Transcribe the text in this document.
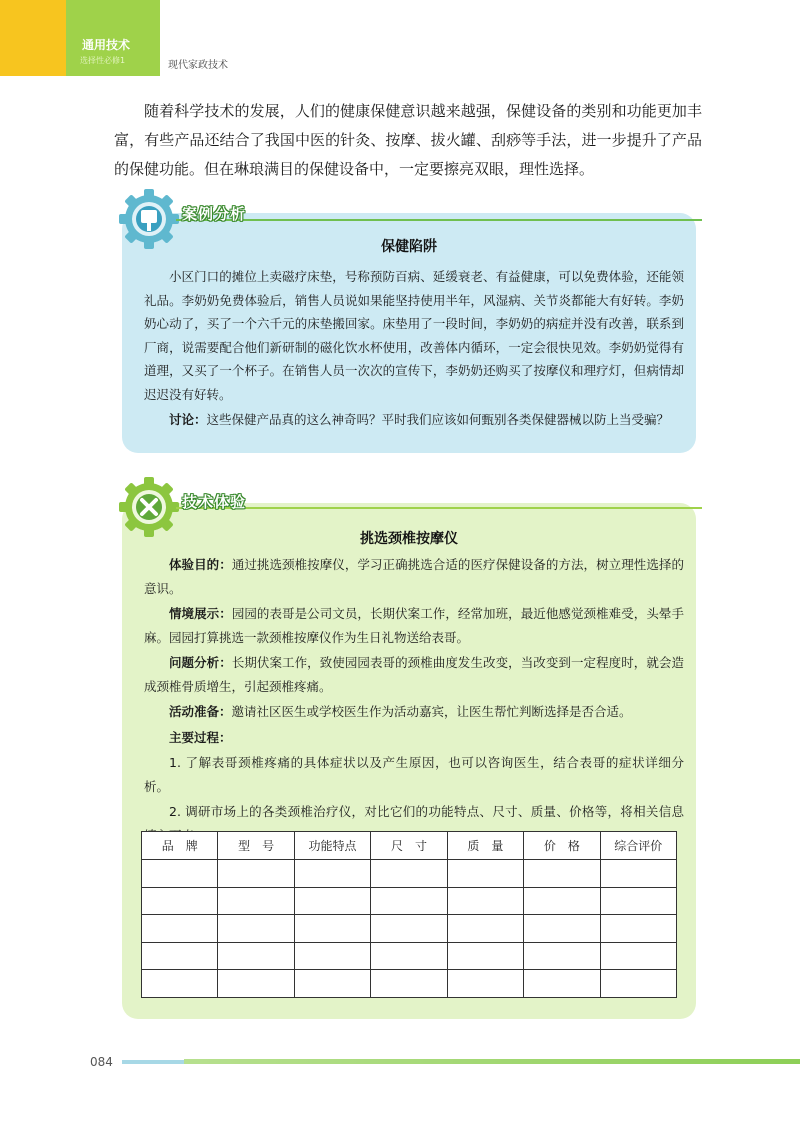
通用技术
选择性必修1	现代家政技术
随着科学技术的发展，人们的健康保健意识越来越强，保健设备的类别和功能更加丰富，有些产品还结合了我国中医的针灸、按摩、拔火罐、刮痧等手法，进一步提升了产品的保健功能。但在琳琅满目的保健设备中，一定要擦亮双眼，理性选择。
保健陷阱

小区门口的摊位上卖磁疗床垫，号称预防百病、延缓衰老、有益健康，可以免费体验，还能领礼品。李奶奶免费体验后，销售人员说如果能坚持使用半年，风湿病、关节炎都能大有好转。李奶奶心动了，买了一个六千元的床垫搬回家。床垫用了一段时间，李奶奶的病症并没有改善，联系到厂商，说需要配合他们新研制的磁化饮水杯使用，改善体内循环，一定会很快见效。李奶奶觉得有道理，又买了一个杯子。在销售人员一次次的宣传下，李奶奶还购买了按摩仪和理疗灯，但病情却迟迟没有好转。

讨论：这些保健产品真的这么神奇吗？平时我们应该如何甄别各类保健器械以防上当受骗？

案例分析
挑选颈椎按摩仪

体验目的：通过挑选颈椎按摩仪，学习正确挑选合适的医疗保健设备的方法，树立理性选择的意识。

情境展示：园园的表哥是公司文员，长期伏案工作，经常加班，最近他感觉颈椎难受，头晕手麻。园园打算挑选一款颈椎按摩仪作为生日礼物送给表哥。

问题分析：长期伏案工作，致使园园表哥的颈椎曲度发生改变，当改变到一定程度时，就会造成颈椎骨质增生，引起颈椎疼痛。

活动准备：邀请社区医生或学校医生作为活动嘉宾，让医生帮忙判断选择是否合适。

主要过程：

1. 了解表哥颈椎疼痛的具体症状以及产生原因，也可以咨询医生，结合表哥的症状详细分析。

2. 调研市场上的各类颈椎治疗仪，对比它们的功能特点、尺寸、质量、价格等，将相关信息

技术体验
品　牌	型　号	功能特点	尺　寸	质　量	价　格	综合评价

084
